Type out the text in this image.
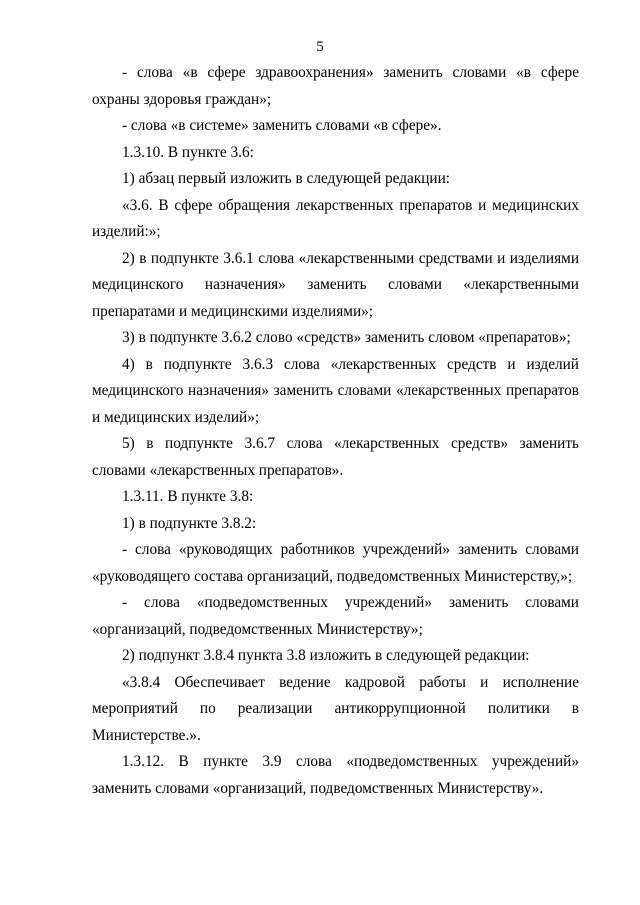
5
- слова «в сфере здравоохранения» заменить словами «в сфере
охраны здоровья граждан»;
- слова «в системе» заменить словами «в сфере».
1.3.10. В пункте 3.6:
1) абзац первый изложить в следующей редакции:
«3.6. В сфере обращения лекарственных препаратов и медицинских
изделий:»;
2) в подпункте 3.6.1 слова «лекарственными средствами и изделиями
медицинского назначения» заменить словами «лекарственными
препаратами и медицинскими изделиями»;
3) в подпункте 3.6.2 слово «средств» заменить словом «препаратов»;
4) в подпункте 3.6.3 слова «лекарственных средств и изделий
медицинского назначения» заменить словами «лекарственных препаратов
и медицинских изделий»;
5) в подпункте 3.6.7 слова «лекарственных средств» заменить
словами «лекарственных препаратов».
1.3.11. В пункте 3.8:
1) в подпункте 3.8.2:
- слова «руководящих работников учреждений» заменить словами
«руководящего состава организаций, подведомственных Министерству,»;
- слова «подведомственных учреждений» заменить словами
«организаций, подведомственных Министерству»;
2) подпункт 3.8.4 пункта 3.8 изложить в следующей редакции:
«3.8.4 Обеспечивает ведение кадровой работы и исполнение
мероприятий по реализации антикоррупционной политики в
Министерстве.».
1.3.12. В пункте 3.9 слова «подведомственных учреждений»
заменить словами «организаций, подведомственных Министерству».
